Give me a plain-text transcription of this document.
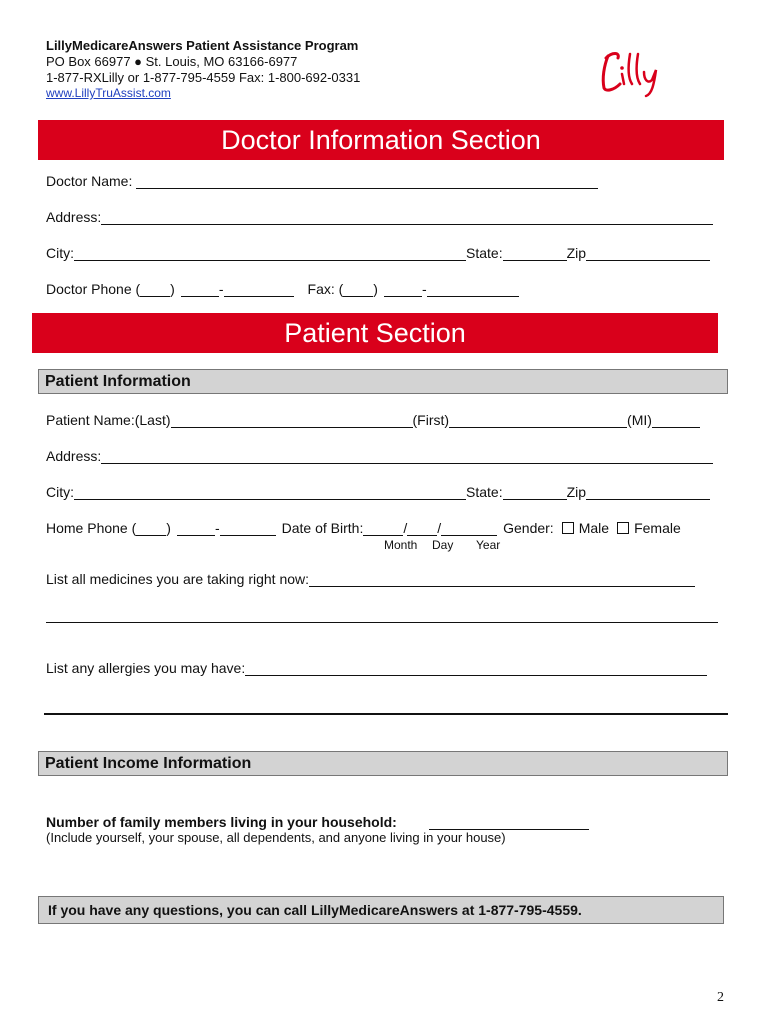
LillyMedicareAnswers Patient Assistance Program
PO Box 66977 ● St. Louis, MO 63166-6977
1-877-RXLilly or 1-877-795-4559 Fax: 1-800-692-0331
www.LillyTruAssist.com
Doctor Information Section
Doctor Name:
Address:
City:	State:	Zip
Doctor Phone ( )	-	Fax: ( )	-
Patient Section
Patient Information
Patient Name:(Last)	(First)	(MI)
Address:
City:	State:	Zip
Home Phone ( )	-	Date of Birth:	/ /	Gender: Male Female
Month Day Year
List all medicines you are taking right now:
List any allergies you may have:
Patient Income Information
Number of family members living in your household:
(Include yourself, your spouse, all dependents, and anyone living in your house)
If you have any questions, you can call LillyMedicareAnswers at 1-877-795-4559.
2
